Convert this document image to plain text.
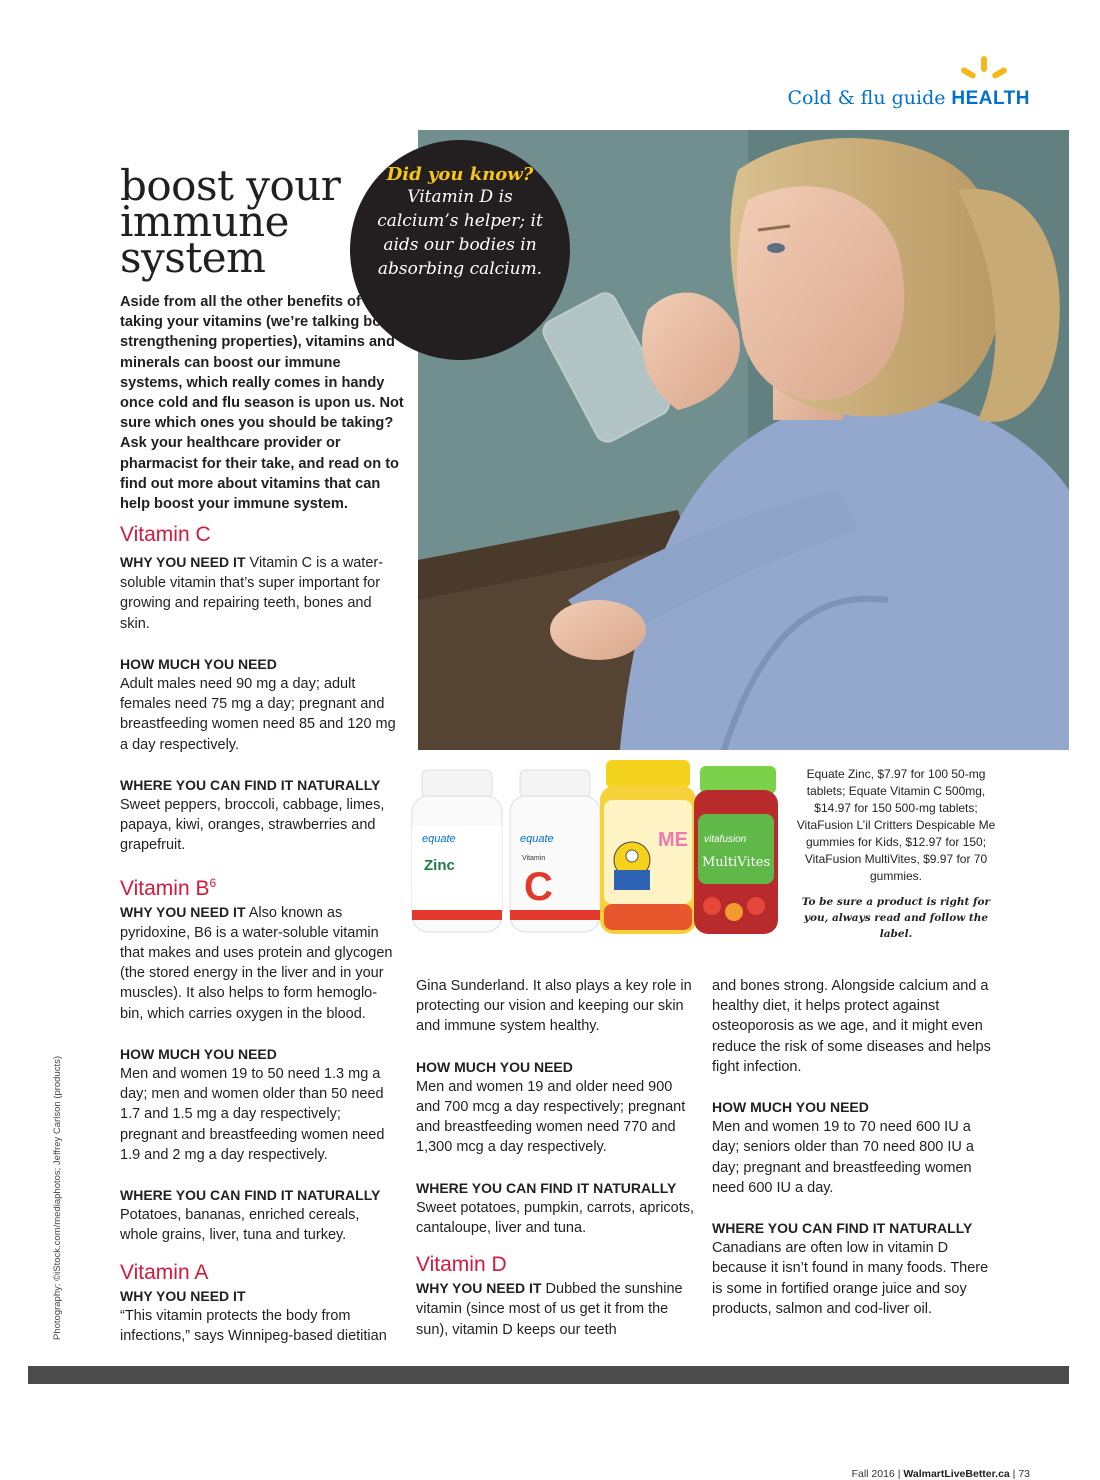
Cold & flu guide HEALTH
boost your
immune
system
Did you know?
Vitamin D is calcium’s helper; it aids our bodies in absorbing calcium.
Aside from all the other benefits of taking your vitamins (we’re talking bone-strengthening properties), vitamins and minerals can boost our immune systems, which really comes in handy once cold and flu season is upon us. Not sure which ones you should be taking? Ask your healthcare provider or pharmacist for their take, and read on to find out more about vitamins that can help boost your immune system.
Vitamin C
WHY YOU NEED IT Vitamin C is a water-soluble vitamin that’s super important for growing and repairing teeth, bones and skin.
HOW MUCH YOU NEED
Adult males need 90 mg a day; adult females need 75 mg a day; pregnant and breastfeeding women need 85 and 120 mg a day respectively.
WHERE YOU CAN FIND IT NATURALLY
Sweet peppers, broccoli, cabbage, limes, papaya, kiwi, oranges, strawberries and grapefruit.
Vitamin $B^6$
WHY YOU NEED IT Also known as pyridoxine, B6 is a water-soluble vitamin that makes and uses protein and glycogen (the stored energy in the liver and in your muscles). It also helps to form hemoglo-bin, which carries oxygen in the blood.
HOW MUCH YOU NEED
Men and women 19 to 50 need 1.3 mg a day; men and women older than 50 need 1.7 and 1.5 mg a day respectively; pregnant and breastfeeding women need 1.9 and 2 mg a day respectively.
WHERE YOU CAN FIND IT NATURALLY
Potatoes, bananas, enriched cereals, whole grains, liver, tuna and turkey.
Vitamin A
WHY YOU NEED IT
“This vitamin protects the body from infections,” says Winnipeg-based dietitian
equate
Zinc
equate
Vitamin
C
ME vitafusion
MultiVites
Equate Zinc, $7.97 for 100 50-mg tablets; Equate Vitamin C 500mg, $14.97 for 150 500-mg tablets; VitaFusion L’il Critters Despicable Me gummies for Kids, $12.97 for 150; VitaFusion MultiVites, $9.97 for 70 gummies.
To be sure a product is right for you, always read and follow the label.
Gina Sunderland. It also plays a key role in protecting our vision and keeping our skin and immune system healthy.
HOW MUCH YOU NEED
Men and women 19 and older need 900 and 700 mcg a day respectively; pregnant and breastfeeding women need 770 and 1,300 mcg a day respectively.
WHERE YOU CAN FIND IT NATURALLY
Sweet potatoes, pumpkin, carrots, apricots, cantaloupe, liver and tuna.
Vitamin D
WHY YOU NEED IT Dubbed the sunshine vitamin (since most of us get it from the sun), vitamin D keeps our teeth
and bones strong. Alongside calcium and a healthy diet, it helps protect against osteoporosis as we age, and it might even reduce the risk of some diseases and helps fight infection.
HOW MUCH YOU NEED
Men and women 19 to 70 need 600 IU a day; seniors older than 70 need 800 IU a day; pregnant and breastfeeding women need 600 IU a day.
WHERE YOU CAN FIND IT NATURALLY
Canadians are often low in vitamin D because it isn’t found in many foods. There is some in fortified orange juice and soy products, salmon and cod-liver oil.
Photography: ©iStock.com/mediaphotos; Jeffrey Carlson (products)
Fall 2016 | WalmartLiveBetter.ca | 73
